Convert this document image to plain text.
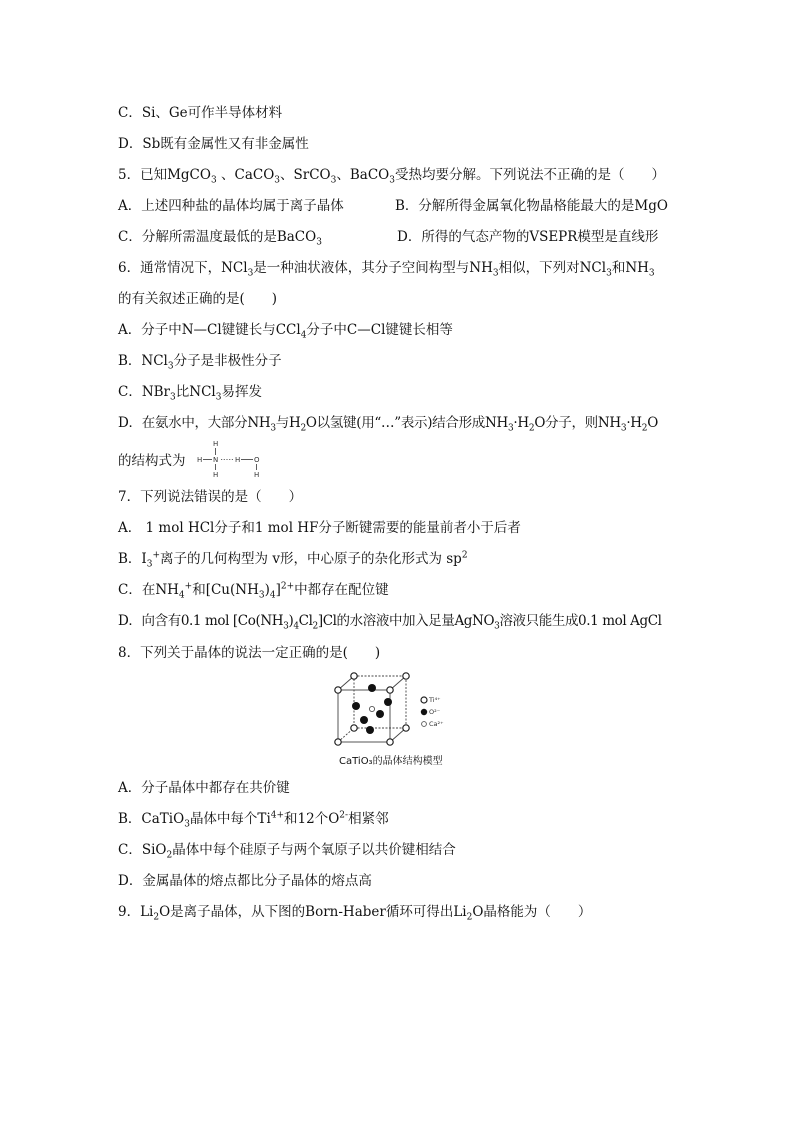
C．Si、Ge可作半导体材料
D．Sb既有金属性又有非金属性
5．已知MgCO$_3$ 、CaCO$_3$、SrCO$_3$、BaCO$_3$受热均要分解。下列说法不正确的是（　　）
A．上述四种盐的晶体均属于离子晶体	B．分解所得金属氧化物晶格能最大的是MgO
C．分解所需温度最低的是BaCO$_3$	D．所得的气态产物的VSEPR模型是直线形
6．通常情况下，NCl$_3$是一种油状液体，其分子空间构型与$NH_3$相似，下列对NCl$_3$和$NH_3$
的有关叙述正确的是(　　)
A．分子中N—Cl键键长与CCl$_4$分子中C—Cl键键长相等
B．NCl$_3$分子是非极性分子
C．NBr$_3$比NCl$_3$易挥发
D．在氨水中，大部分$NH_3$与$H_2O$以氢键(用“…”表示)结合形成$NH_3\cdot H_2O$分子，则$NH_3\cdot H_2O$
的结构式为
H
H N H O
H	H
7．下列说法错误的是（　　）
A． 1 mol HCl分子和1 mol HF分子断键需要的能量前者小于后者
B．$I_3^+$离子的几何构型为 v形，中心原子的杂化形式为 $sp^2$
C．在$NH_4^+$和$[Cu(NH_3)_4]^{2+}$中都存在配位键
D．向含有0.1 mol $[Co(NH_3)_4Cl_2]Cl$的水溶液中加入足量AgNO$_3$溶液只能生成0.1 mol AgCl
8．下列关于晶体的说法一定正确的是(　　)
Ti⁴⁺
O²⁻
Ca²⁺
CaTiO₃的晶体结构模型
A．分子晶体中都存在共价键
B．CaTiO$_3$晶体中每个$Ti^{4+}$和12个$O^{2-}$相紧邻
C．SiO$_2$晶体中每个硅原子与两个氧原子以共价键相结合
D．金属晶体的熔点都比分子晶体的熔点高
9．$Li_2O$是离子晶体，从下图的Born-Haber循环可得出$Li_2O$晶格能为（　　）
